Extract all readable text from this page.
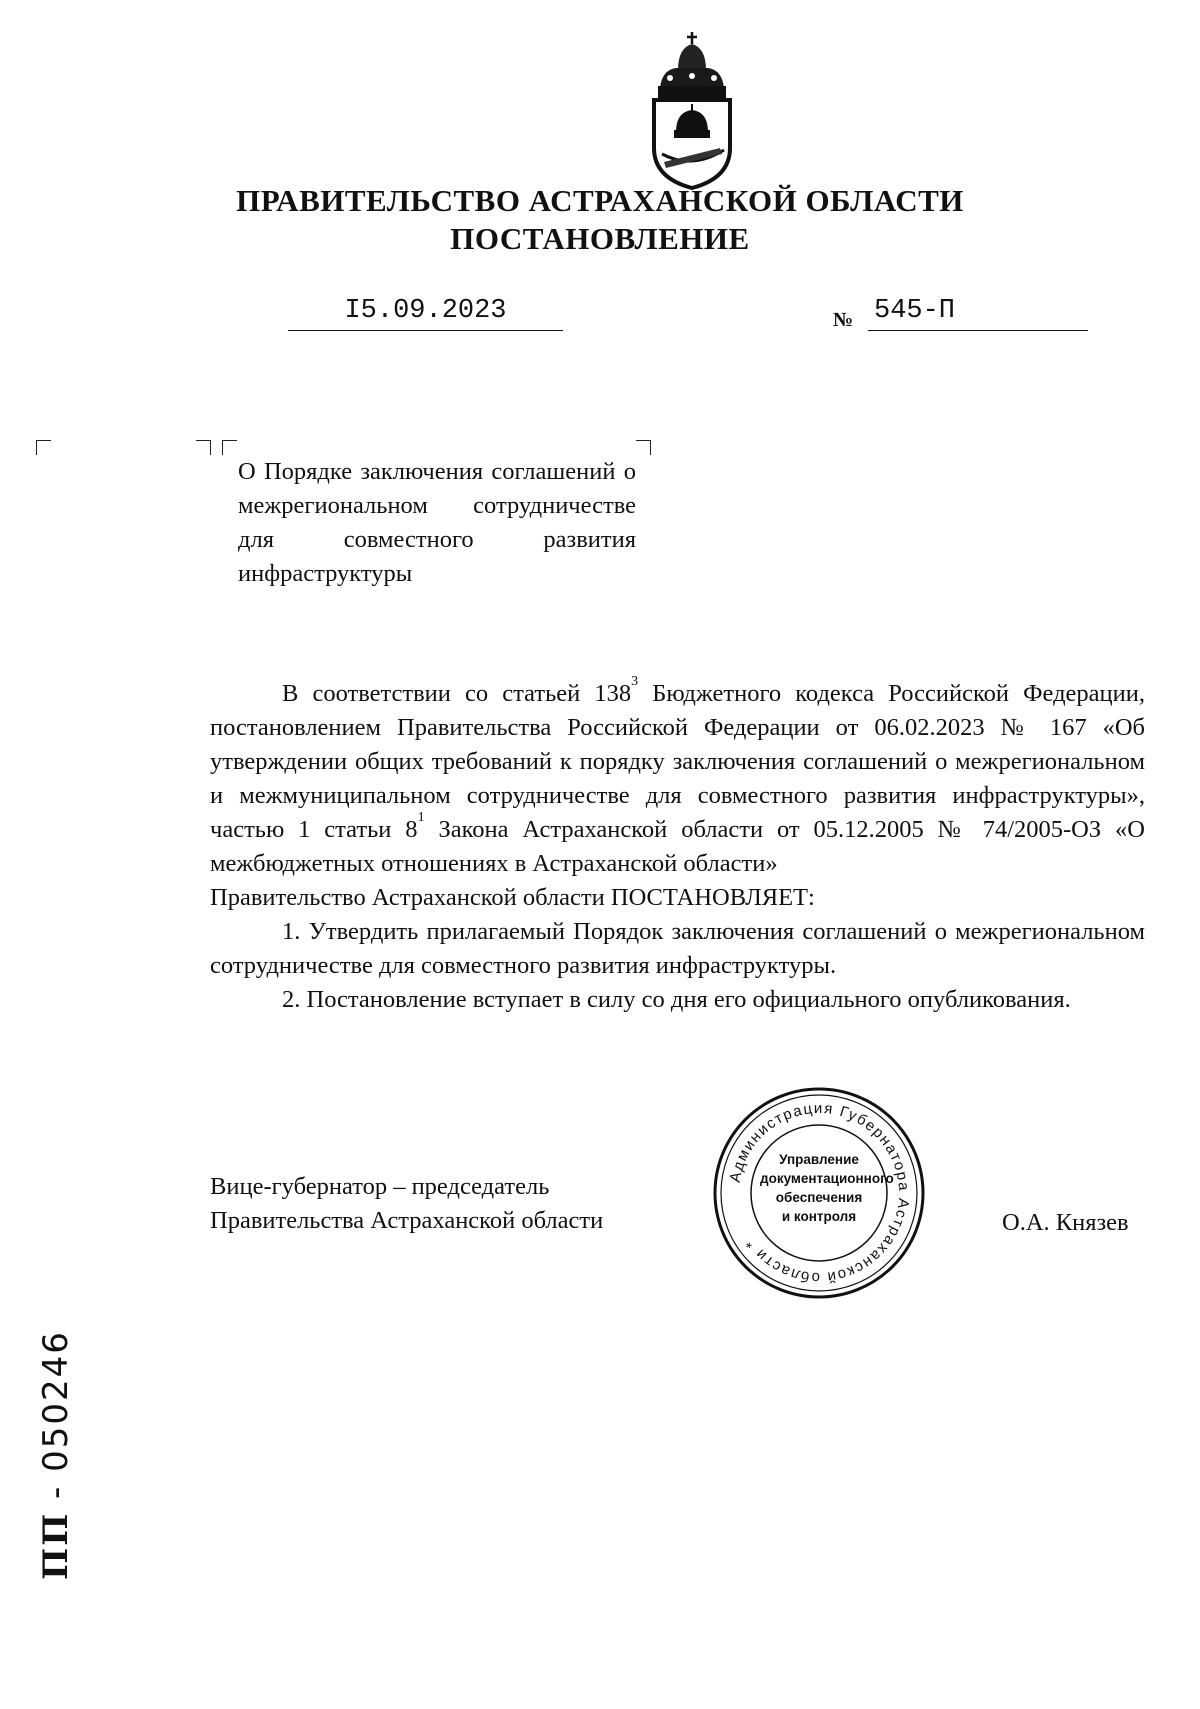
ПРАВИТЕЛЬСТВО АСТРАХАНСКОЙ ОБЛАСТИ
ПОСТАНОВЛЕНИЕ
I5.09.2023	№ 545-П
О Порядке заключения соглашений о межрегиональном сотрудничестве для совместного развития инфраструктуры

В соответствии со статьей $138^3$ Бюджетного кодекса Российской Федерации, постановлением Правительства Российской Федерации от 06.02.2023 № 167 «Об утверждении общих требований к порядку заключения соглашений о межрегиональном и межмуниципальном сотрудничестве для совместного развития инфраструктуры», частью 1 статьи $8^1$ Закона Астраханской области от 05.12.2005 № 74/2005-ОЗ «О межбюджетных отношениях в Астраханской области»

Правительство Астраханской области ПОСТАНОВЛЯЕТ:

1. Утвердить прилагаемый Порядок заключения соглашений о межрегиональном сотрудничестве для совместного развития инфраструктуры.

2. Постановление вступает в силу со дня его официального опубликования.

Вице-губернатор – председатель
Правительства Астраханской области	О.А. Князев
Администрация Губернатора Астраханской области *
Управление
документационного
обеспечения
и контроля
ПП - 050246
